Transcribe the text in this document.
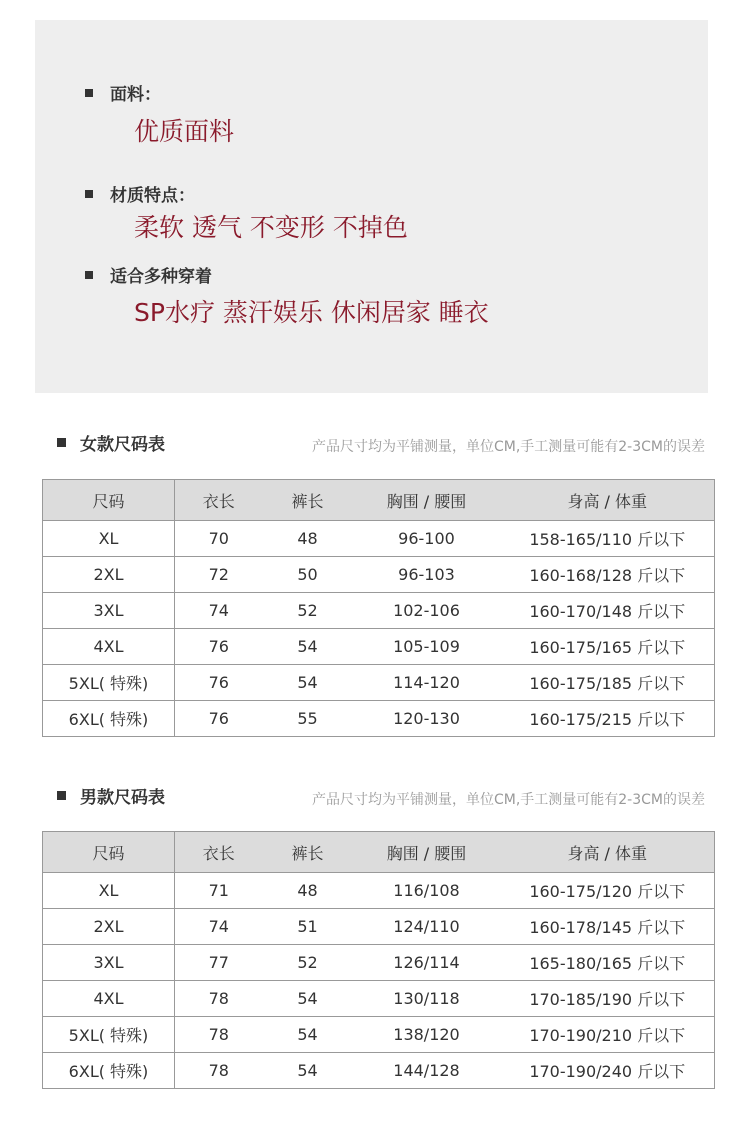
面料：
优质面料
材质特点：
柔软 透气 不变形 不掉色
适合多种穿着
SP水疗 蒸汗娱乐 休闲居家 睡衣
女款尺码表	产品尺寸均为平铺测量，单位CM,手工测量可能有2-3CM的误差
尺码	衣长	裤长	胸围 / 腰围	身高 / 体重
XL	70	48	96-100	158-165/110 斤以下
2XL	72	50	96-103	160-168/128 斤以下
3XL	74	52	102-106	160-170/148 斤以下
4XL	76	54	105-109	160-175/165 斤以下
5XL( 特殊)	76	54	114-120	160-175/185 斤以下
6XL( 特殊)	76	55	120-130	160-175/215 斤以下
男款尺码表	产品尺寸均为平铺测量，单位CM,手工测量可能有2-3CM的误差
尺码	衣长	裤长	胸围 / 腰围	身高 / 体重
XL	71	48	116/108	160-175/120 斤以下
2XL	74	51	124/110	160-178/145 斤以下
3XL	77	52	126/114	165-180/165 斤以下
4XL	78	54	130/118	170-185/190 斤以下
5XL( 特殊)	78	54	138/120	170-190/210 斤以下
6XL( 特殊)	78	54	144/128	170-190/240 斤以下
